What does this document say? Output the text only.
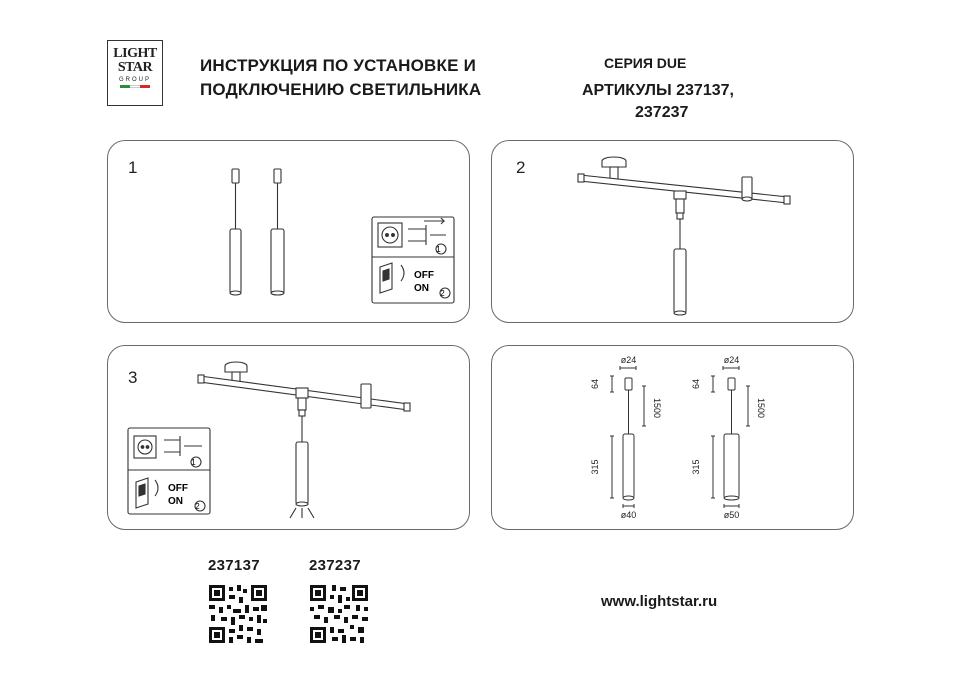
LIGHT
STAR
GROUP
ИНСТРУКЦИЯ ПО УСТАНОВКЕ И
ПОДКЛЮЧЕНИЮ СВЕТИЛЬНИКА
СЕРИЯ DUE
АРТИКУЛЫ 237137,
237237
1
1
2
OFF
ON
2
3
1
2
OFF
ON
ø24
64
1500
315
ø40
ø24
64
1500
315
ø50
237137	237237
www.lightstar.ru
